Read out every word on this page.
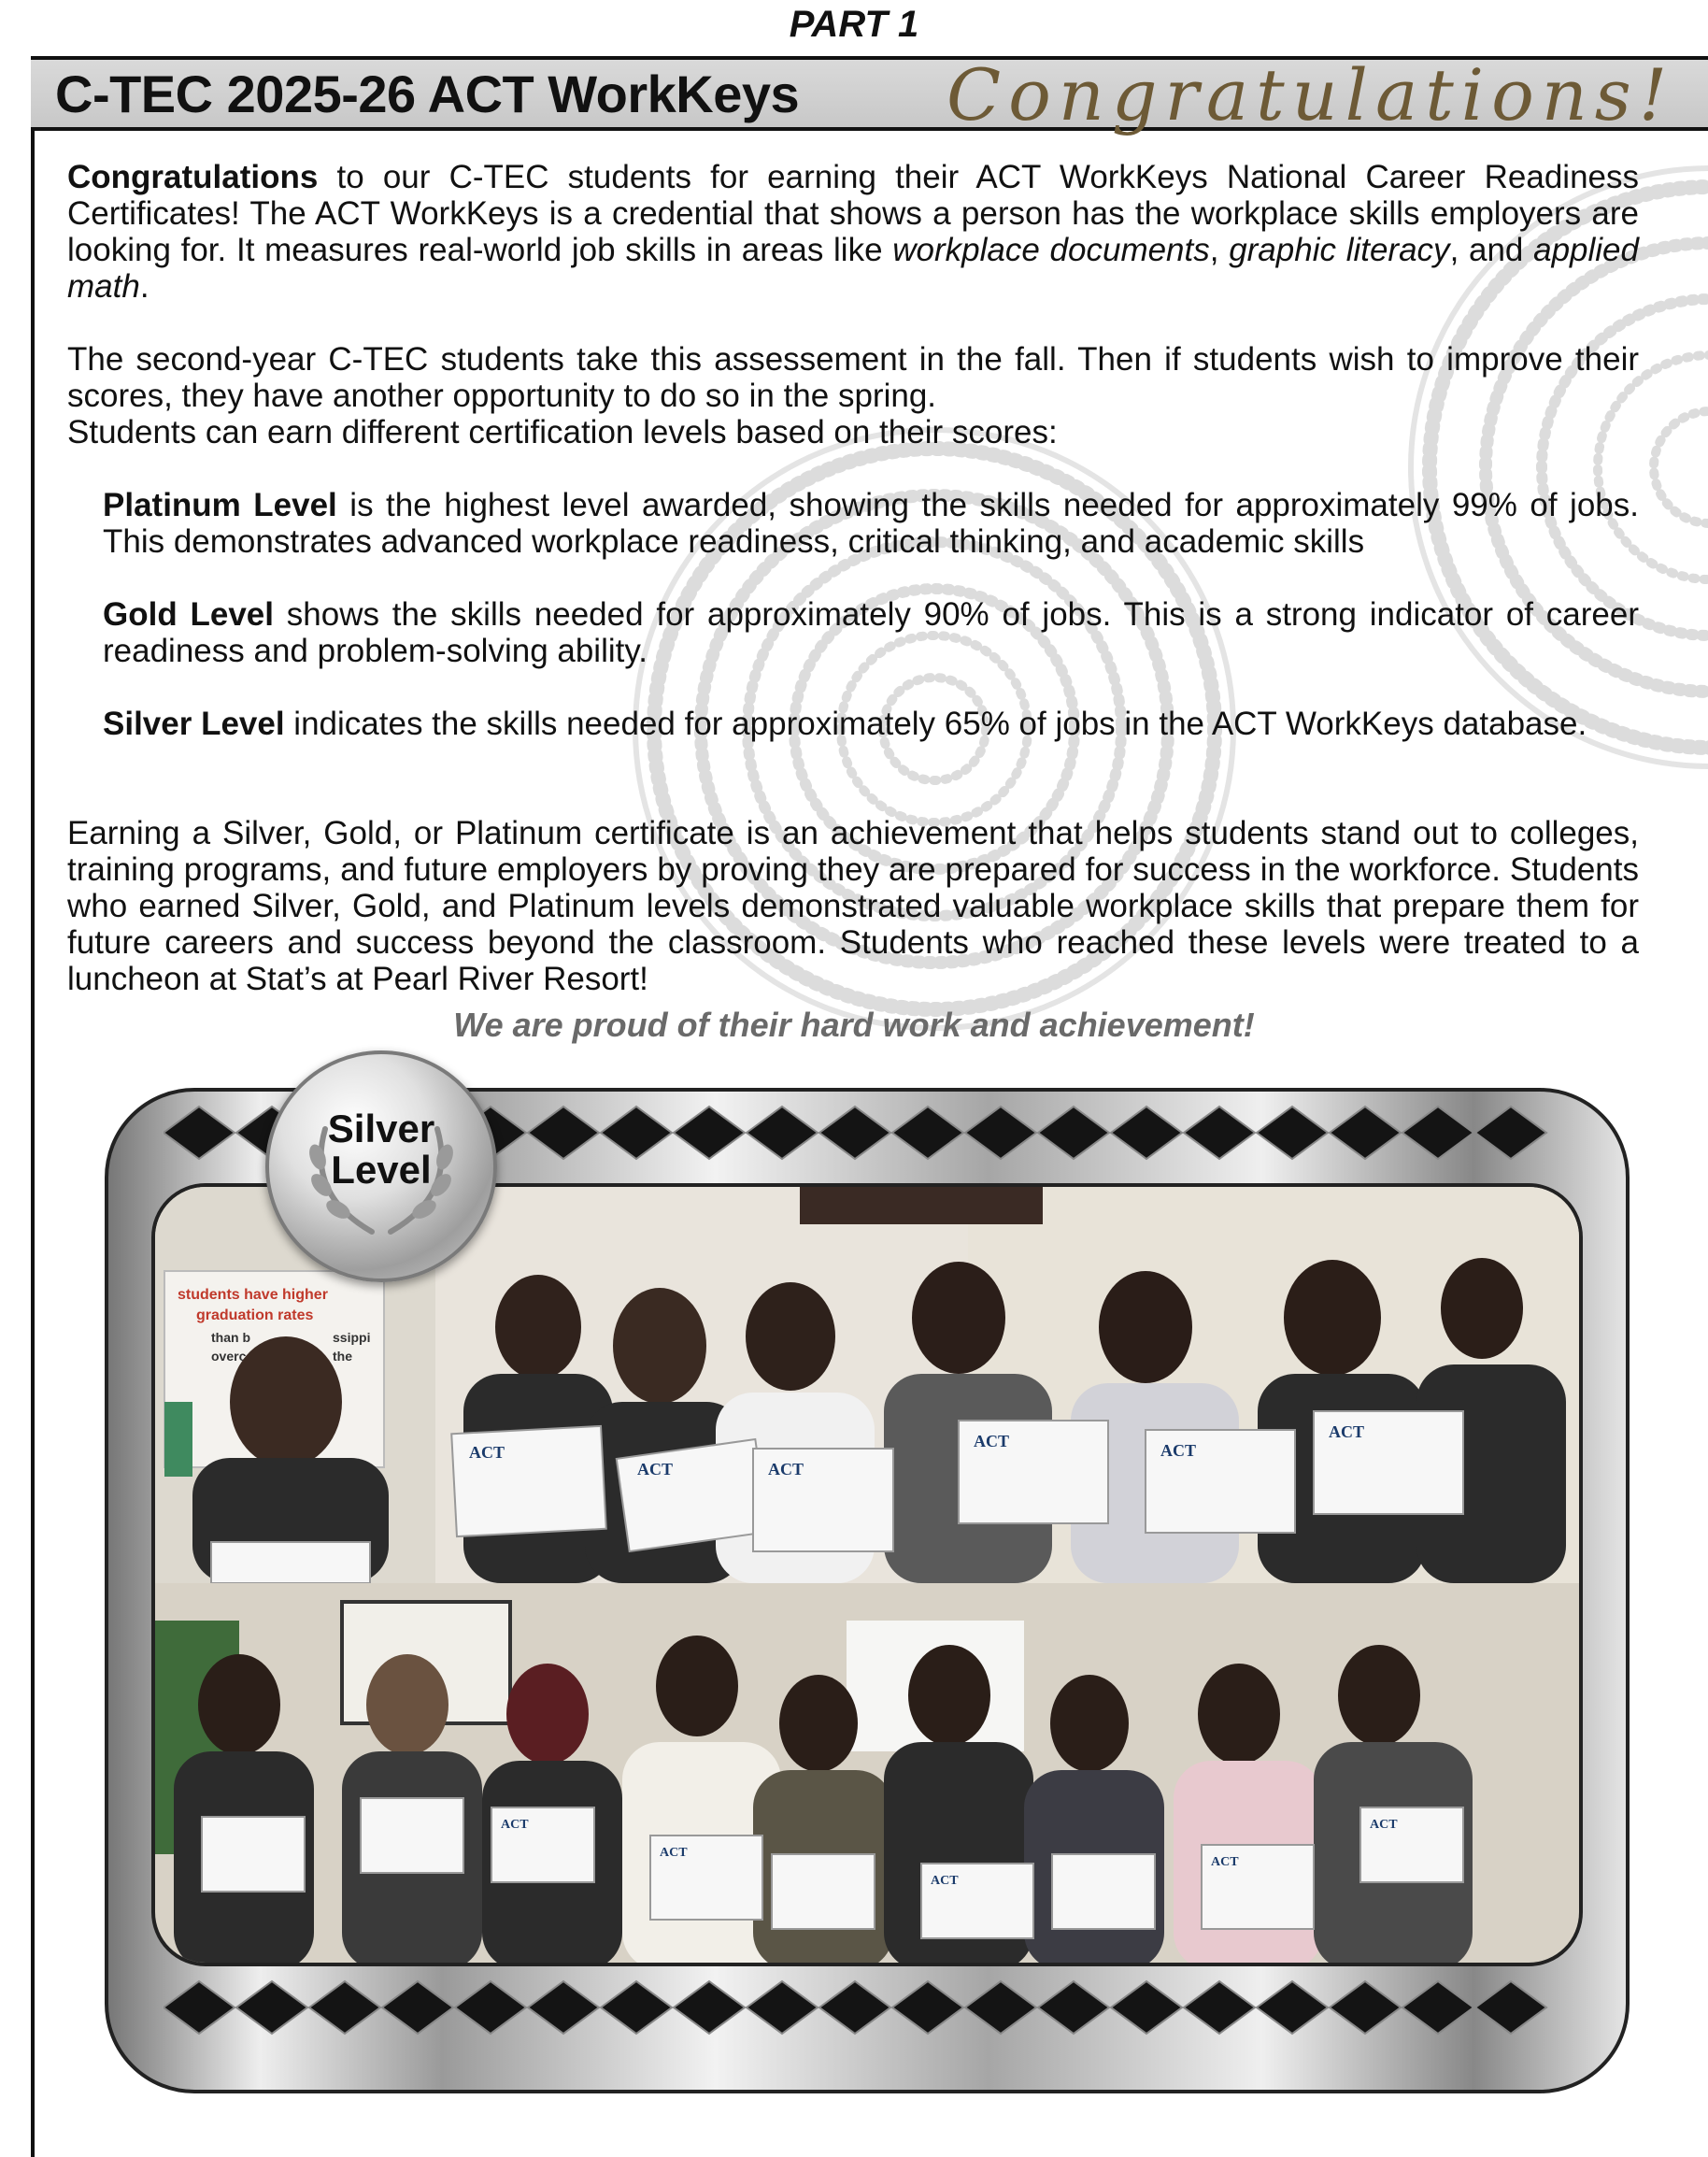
PART 1
C-TEC 2025-26 ACT WorkKeys Congratulations!
Congratulations to our C-TEC students for earning their ACT WorkKeys National Career Readiness Certificates! The ACT WorkKeys is a credential that shows a person has the workplace skills employers are looking for. It measures real-world job skills in areas like workplace documents, graphic literacy, and applied math.
The second-year C-TEC students take this assessement in the fall. Then if students wish to improve their scores, they have another opportunity to do so in the spring.
Students can earn different certification levels based on their scores:
Platinum Level is the highest level awarded, showing the skills needed for approximately 99% of jobs. This demonstrates advanced workplace readiness, critical thinking, and academic skills
Gold Level shows the skills needed for approximately 90% of jobs. This is a strong indicator of career readiness and problem-solving ability.
Silver Level indicates the skills needed for approximately 65% of jobs in the ACT WorkKeys database.
Earning a Silver, Gold, or Platinum certificate is an achievement that helps students stand out to colleges, training programs, and future employers by proving they are prepared for success in the workforce. Students who earned Silver, Gold, and Platinum levels demonstrated valuable workplace skills that prepare them for future careers and success beyond the classroom. Students who reached these levels were treated to a luncheon at Stat’s at Pearl River Resort!
We are proud of their hard work and achievement!
students have higher
graduation rates
than b	ssippi
overc	the
ACT
ACT	ACT
ACT	ACT
ACT
ACT
ACT
ACT
ACT
ACT
Silver
Level
